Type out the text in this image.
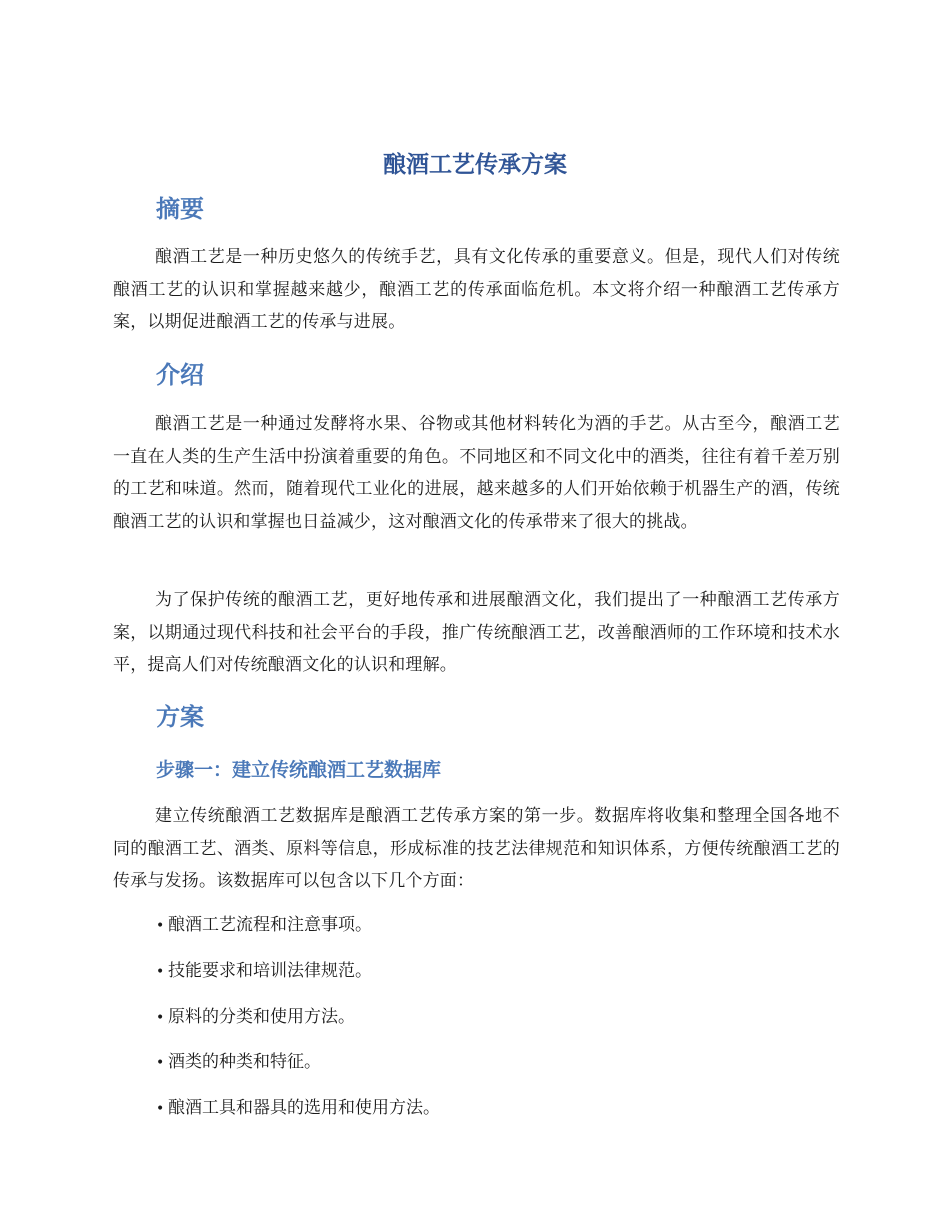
酿酒工艺传承方案
摘要

酿酒工艺是一种历史悠久的传统手艺，具有文化传承的重要意义。但是，现代人们对传统酿酒工艺的认识和掌握越来越少，酿酒工艺的传承面临危机。本文将介绍一种酿酒工艺传承方案，以期促进酿酒工艺的传承与进展。

介绍

酿酒工艺是一种通过发酵将水果、谷物或其他材料转化为酒的手艺。从古至今，酿酒工艺一直在人类的生产生活中扮演着重要的角色。不同地区和不同文化中的酒类，往往有着千差万别的工艺和味道。然而，随着现代工业化的进展，越来越多的人们开始依赖于机器生产的酒，传统酿酒工艺的认识和掌握也日益减少，这对酿酒文化的传承带来了很大的挑战。

为了保护传统的酿酒工艺，更好地传承和进展酿酒文化，我们提出了一种酿酒工艺传承方案，以期通过现代科技和社会平台的手段，推广传统酿酒工艺，改善酿酒师的工作环境和技术水平，提高人们对传统酿酒文化的认识和理解。

方案
步骤一：建立传统酿酒工艺数据库

建立传统酿酒工艺数据库是酿酒工艺传承方案的第一步。数据库将收集和整理全国各地不同的酿酒工艺、酒类、原料等信息，形成标准的技艺法律规范和知识体系，方便传统酿酒工艺的传承与发扬。该数据库可以包含以下几个方面：

• 酿酒工艺流程和注意事项。
• 技能要求和培训法律规范。
• 原料的分类和使用方法。
• 酒类的种类和特征。
• 酿酒工具和器具的选用和使用方法。
